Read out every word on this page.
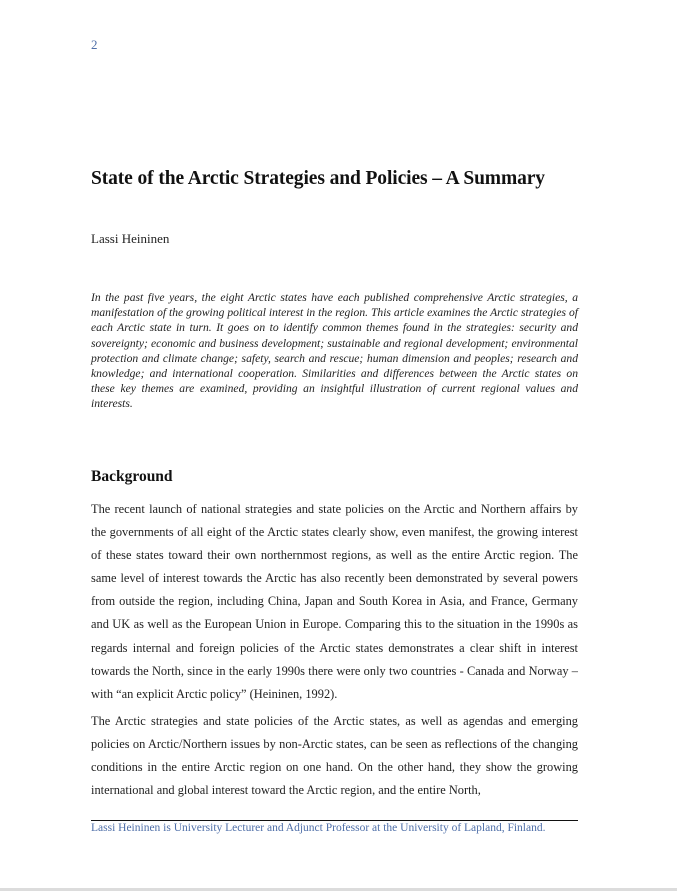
2
State of the Arctic Strategies and Policies – A Summary
Lassi Heininen

In the past five years, the eight Arctic states have each published comprehensive Arctic strategies, a manifestation of the growing political interest in the region. This article examines the Arctic strategies of each Arctic state in turn. It goes on to identify common themes found in the strategies: security and sovereignty; economic and business development; sustainable and regional development; environmental protection and climate change; safety, search and rescue; human dimension and peoples; research and knowledge; and international cooperation. Similarities and differences between the Arctic states on these key themes are examined, providing an insightful illustration of current regional values and interests.

Background

The recent launch of national strategies and state policies on the Arctic and Northern affairs by the governments of all eight of the Arctic states clearly show, even manifest, the growing interest of these states toward their own northernmost regions, as well as the entire Arctic region. The same level of interest towards the Arctic has also recently been demonstrated by several powers from outside the region, including China, Japan and South Korea in Asia, and France, Germany and UK as well as the European Union in Europe. Comparing this to the situation in the 1990s as regards internal and foreign policies of the Arctic states demonstrates a clear shift in interest towards the North, since in the early 1990s there were only two countries - Canada and Norway – with “an explicit Arctic policy” (Heininen, 1992).

The Arctic strategies and state policies of the Arctic states, as well as agendas and emerging policies on Arctic/Northern issues by non-Arctic states, can be seen as reflections of the changing conditions in the entire Arctic region on one hand. On the other hand, they show the growing international and global interest toward the Arctic region, and the entire North,

Lassi Heininen is University Lecturer and Adjunct Professor at the University of Lapland, Finland.
